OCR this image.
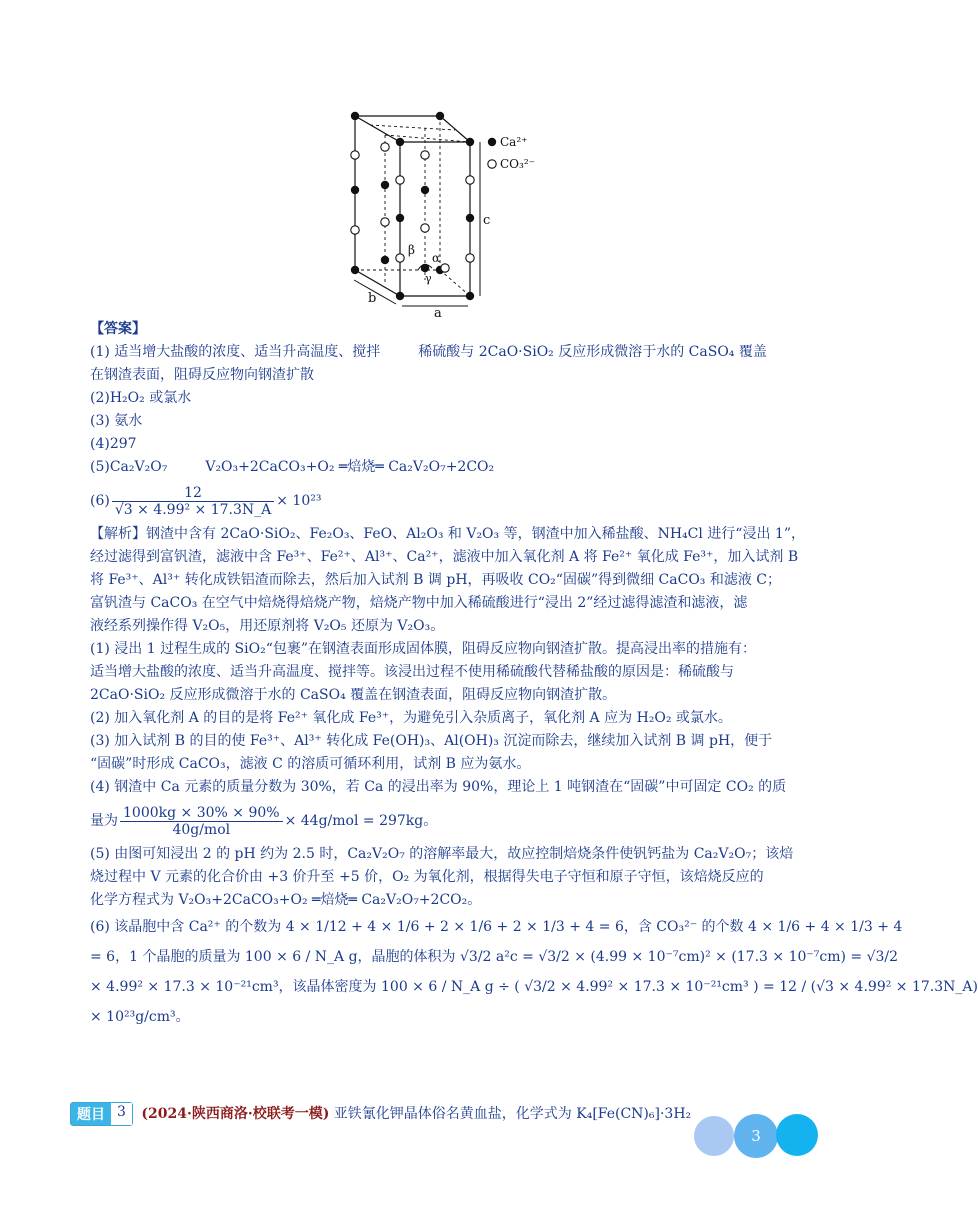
β
α
γ
c
a
b
Ca²⁺
CO₃²⁻
【答案】
(1) 适当增大盐酸的浓度、适当升高温度、搅拌	稀硫酸与 2CaO·SiO₂ 反应形成微溶于水的 CaSO₄ 覆盖
在钢渣表面，阻碍反应物向钢渣扩散
(2)H₂O₂ 或氯水
(3) 氨水
(4)297
(5)Ca₂V₂O₇	V₂O₃+2CaCO₃+O₂ ═焙烧═ Ca₂V₂O₇+2CO₂
$(6) \frac{12}{\text{√3 × 4.99² × 17.3N\_A}} \times 10^{23}$
【解析】钢渣中含有 2CaO·SiO₂、Fe₂O₃、FeO、Al₂O₃ 和 V₂O₃ 等，钢渣中加入稀盐酸、NH₄Cl 进行“浸出 1”，
经过滤得到富钒渣，滤液中含 Fe³⁺、Fe²⁺、Al³⁺、Ca²⁺，滤液中加入氧化剂 A 将 Fe²⁺ 氧化成 Fe³⁺，加入试剂 B
将 Fe³⁺、Al³⁺ 转化成铁铝渣而除去，然后加入试剂 B 调 pH，再吸收 CO₂“固碳”得到微细 CaCO₃ 和滤液 C；
富钒渣与 CaCO₃ 在空气中焙烧得焙烧产物，焙烧产物中加入稀硫酸进行“浸出 2”经过滤得滤渣和滤液，滤
液经系列操作得 V₂O₅，用还原剂将 V₂O₅ 还原为 V₂O₃。
(1) 浸出 1 过程生成的 SiO₂“包裹”在钢渣表面形成固体膜，阻碍反应物向钢渣扩散。提高浸出率的措施有：
适当增大盐酸的浓度、适当升高温度、搅拌等。该浸出过程不使用稀硫酸代替稀盐酸的原因是：稀硫酸与
2CaO·SiO₂ 反应形成微溶于水的 CaSO₄ 覆盖在钢渣表面，阻碍反应物向钢渣扩散。
(2) 加入氧化剂 A 的目的是将 Fe²⁺ 氧化成 Fe³⁺，为避免引入杂质离子，氧化剂 A 应为 H₂O₂ 或氯水。
(3) 加入试剂 B 的目的使 Fe³⁺、Al³⁺ 转化成 Fe(OH)₃、Al(OH)₃ 沉淀而除去，继续加入试剂 B 调 pH，便于
“固碳”时形成 CaCO₃，滤液 C 的溶质可循环利用，试剂 B 应为氨水。
(4) 钢渣中 Ca 元素的质量分数为 30%，若 Ca 的浸出率为 90%，理论上 1 吨钢渣在“固碳”中可固定 CO₂ 的质
量为 $\frac{1000kg \times 30\% \times 90\%}{\text{40g/mol}} \times 44g/mol = 297kg$。
(5) 由图可知浸出 2 的 pH 约为 2.5 时，Ca₂V₂O₇ 的溶解率最大，故应控制焙烧条件使钒钙盐为 Ca₂V₂O₇；该焙
烧过程中 V 元素的化合价由 +3 价升至 +5 价，O₂ 为氧化剂，根据得失电子守恒和原子守恒，该焙烧反应的
化学方程式为 V₂O₃+2CaCO₃+O₂ ═焙烧═ Ca₂V₂O₇+2CO₂。
(6) 该晶胞中含 Ca²⁺ 的个数为 4 × 1/12 + 4 × 1/6 + 2 × 1/6 + 2 × 1/3 + 4 = 6，含 CO₃²⁻ 的个数 4 × 1/6 + 4 × 1/3 + 4
= 6，1 个晶胞的质量为 100 × 6 / N_A g，晶胞的体积为 √3/2 a²c = √3/2 × (4.99 × 10⁻⁷cm)² × (17.3 × 10⁻⁷cm) = √3/2
× 4.99² × 17.3 × 10⁻²¹cm³，该晶体密度为 100 × 6 / N_A g ÷ ( √3/2 × 4.99² × 17.3 × 10⁻²¹cm³ ) = 12 / (√3 × 4.99² × 17.3N_A)
× 10²³g/cm³。
题目 3	(2024·陕西商洛·校联考一模) 亚铁氰化钾晶体俗名黄血盐，化学式为 K₄[Fe(CN)₆]·3H₂
3
